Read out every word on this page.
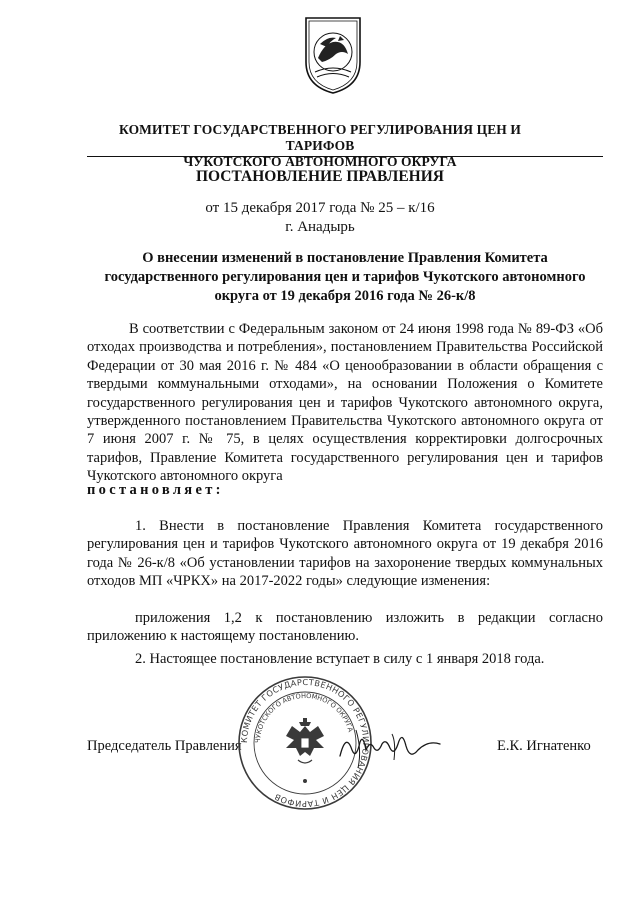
КОМИТЕТ ГОСУДАРСТВЕННОГО РЕГУЛИРОВАНИЯ ЦЕН И ТАРИФОВ
ЧУКОТСКОГО АВТОНОМНОГО ОКРУГА
ПОСТАНОВЛЕНИЕ ПРАВЛЕНИЯ
от 15 декабря 2017 года № 25 – к/16
г. Анадырь
О внесении изменений в постановление Правления Комитета государственного регулирования цен и тарифов Чукотского автономного округа от 19 декабря 2016 года № 26-к/8

В соответствии с Федеральным законом от 24 июня 1998 года № 89-ФЗ «Об отходах производства и потребления», постановлением Правительства Российской Федерации от 30 мая 2016 г. № 484 «О ценообразовании в области обращения с твердыми коммунальными отходами», на основании Положения о Комитете государственного регулирования цен и тарифов Чукотского автономного округа, утвержденного постановлением Правительства Чукотского автономного округа от 7 июня 2007 г. № 75, в целях осуществления корректировки долгосрочных тарифов, Правление Комитета государственного регулирования цен и тарифов Чукотского автономного округа

постановляет:

1. Внести в постановление Правления Комитета государственного регулирования цен и тарифов Чукотского автономного округа от 19 декабря 2016 года № 26-к/8 «Об установлении тарифов на захоронение твердых коммунальных отходов МП «ЧРКХ» на 2017-2022 годы» следующие изменения:

приложения 1,2 к постановлению изложить в редакции согласно приложению к настоящему постановлению.

2. Настоящее постановление вступает в силу с 1 января 2018 года.

Председатель Правления	Е.К. Игнатенко
КОМИТЕТ ГОСУДАРСТВЕННОГО РЕГУЛИРОВАНИЯ ЦЕН И ТАРИФОВ
ЧУКОТСКОГО АВТОНОМНОГО ОКРУГА
